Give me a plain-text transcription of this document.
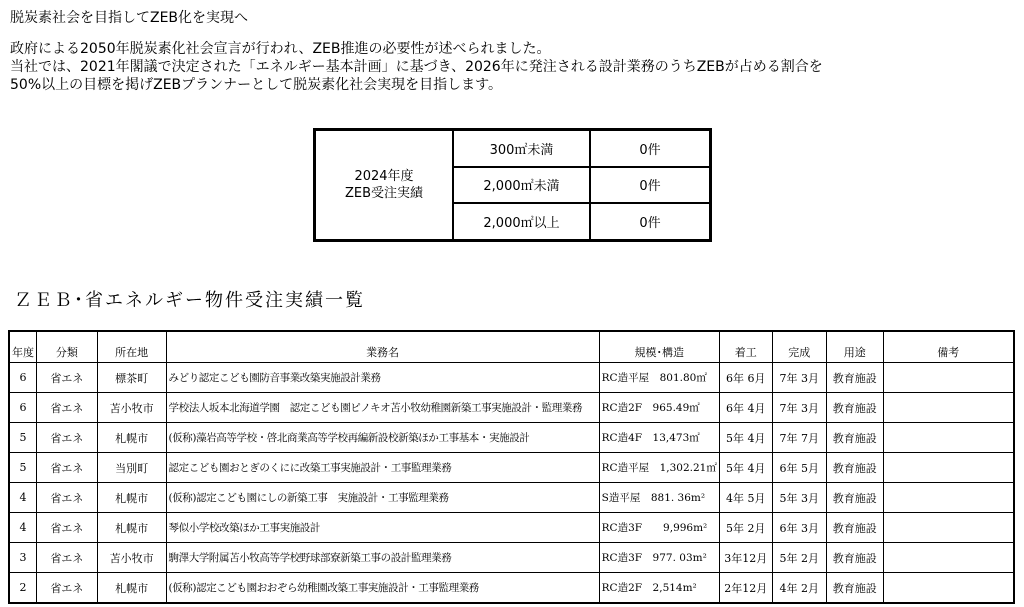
脱炭素社会を目指してZEB化を実現へ
政府による2050年脱炭素化社会宣言が行われ、ZEB推進の必要性が述べられました。
当社では、2021年閣議で決定された「エネルギー基本計画」に基づき、2026年に発注される設計業務のうちZEBが占める割合を
50%以上の目標を掲げZEBプランナーとして脱炭素化社会実現を目指します。
2024年度
ZEB受注実績	300㎡未満	0件
	2,000㎡未満	0件
	2,000㎡以上	0件
ＺＥＢ･省エネルギー物件受注実績一覧
年度	分類	所在地	業務名	規模･構造	着工	完成	用途	備考
6	省エネ	標茶町	みどり認定こども園防音事業改築実施設計業務	RC造平屋　801.80㎡	6年 6月	7年 3月	教育施設	
6	省エネ	苫小牧市	学校法人坂本北海道学園　認定こども園ピノキオ苫小牧幼稚園新築工事実施設計・監理業務	RC造2F　965.49㎡	6年 4月	7年 3月	教育施設	
5	省エネ	札幌市	(仮称)藻岩高等学校・啓北商業高等学校再編新設校新築ほか工事基本・実施設計	RC造4F　13,473㎡	5年 4月	7年 7月	教育施設	
5	省エネ	当別町	認定こども園おとぎのくにに改築工事実施設計・工事監理業務	RC造平屋　1,302.21㎡	5年 4月	6年 5月	教育施設	
4	省エネ	札幌市	(仮称)認定こども園にしの新築工事　実施設計・工事監理業務	S造平屋　881. 36m²	4年 5月	5年 3月	教育施設	
4	省エネ	札幌市	琴似小学校改築ほか工事実施設計	RC造3F　　9,996m²	5年 2月	6年 3月	教育施設	
3	省エネ	苫小牧市	駒澤大学附属苫小牧高等学校野球部寮新築工事の設計監理業務	RC造3F　977. 03m²	3年12月	5年 2月	教育施設	
2	省エネ	札幌市	(仮称)認定こども園おおぞら幼稚園改築工事実施設計・工事監理業務	RC造2F　2,514m²	2年12月	4年 2月	教育施設	
